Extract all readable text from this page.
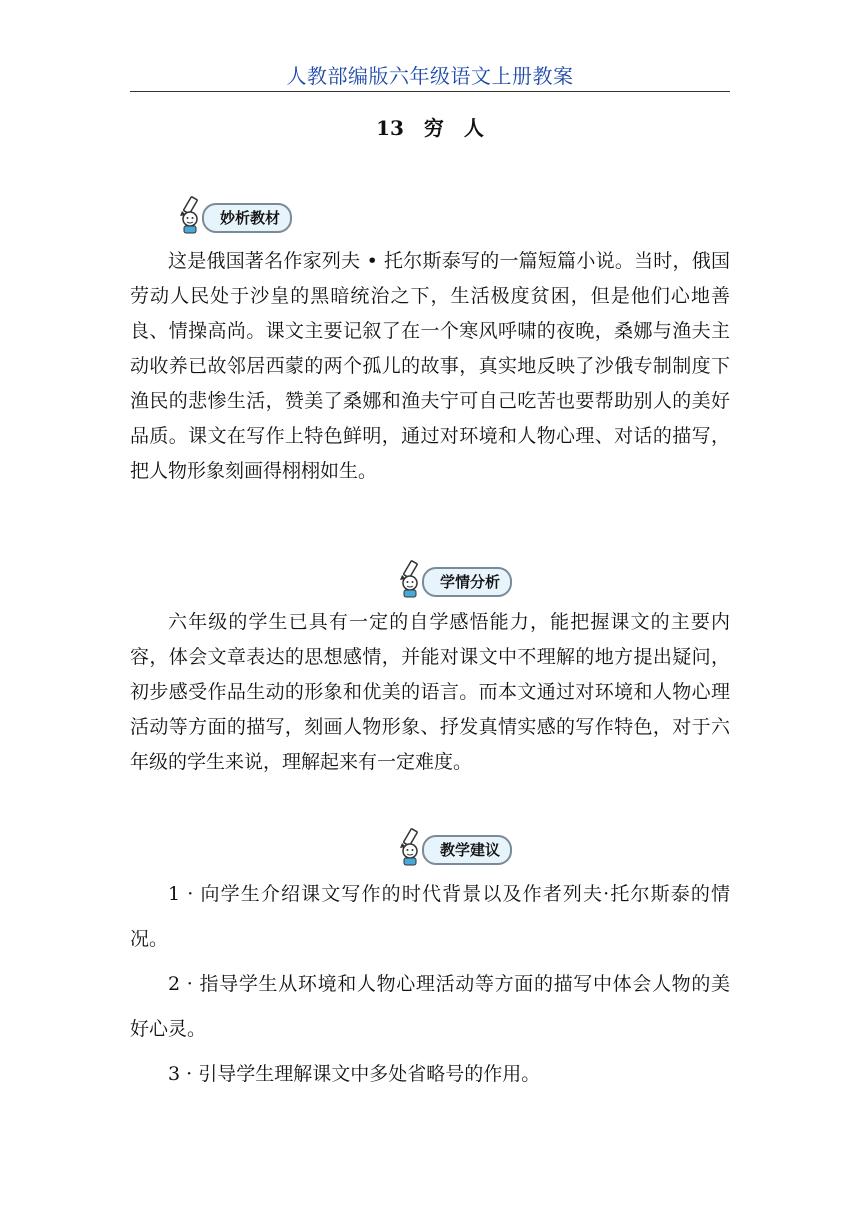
人教部编版六年级语文上册教案
13　穷　人
妙析教材

这是俄国著名作家列夫 • 托尔斯泰写的一篇短篇小说。当时，俄国劳动人民处于沙皇的黑暗统治之下，生活极度贫困，但是他们心地善良、情操高尚。课文主要记叙了在一个寒风呼啸的夜晚，桑娜与渔夫主动收养已故邻居西蒙的两个孤儿的故事，真实地反映了沙俄专制制度下渔民的悲惨生活，赞美了桑娜和渔夫宁可自己吃苦也要帮助别人的美好品质。课文在写作上特色鲜明，通过对环境和人物心理、对话的描写，把人物形象刻画得栩栩如生。

学情分析

六年级的学生已具有一定的自学感悟能力，能把握课文的主要内容，体会文章表达的思想感情，并能对课文中不理解的地方提出疑问，初步感受作品生动的形象和优美的语言。而本文通过对环境和人物心理活动等方面的描写，刻画人物形象、抒发真情实感的写作特色，对于六年级的学生来说，理解起来有一定难度。

教学建议

1 · 向学生介绍课文写作的时代背景以及作者列夫·托尔斯泰的情况。

2 · 指导学生从环境和人物心理活动等方面的描写中体会人物的美好心灵。

3 · 引导学生理解课文中多处省略号的作用。
